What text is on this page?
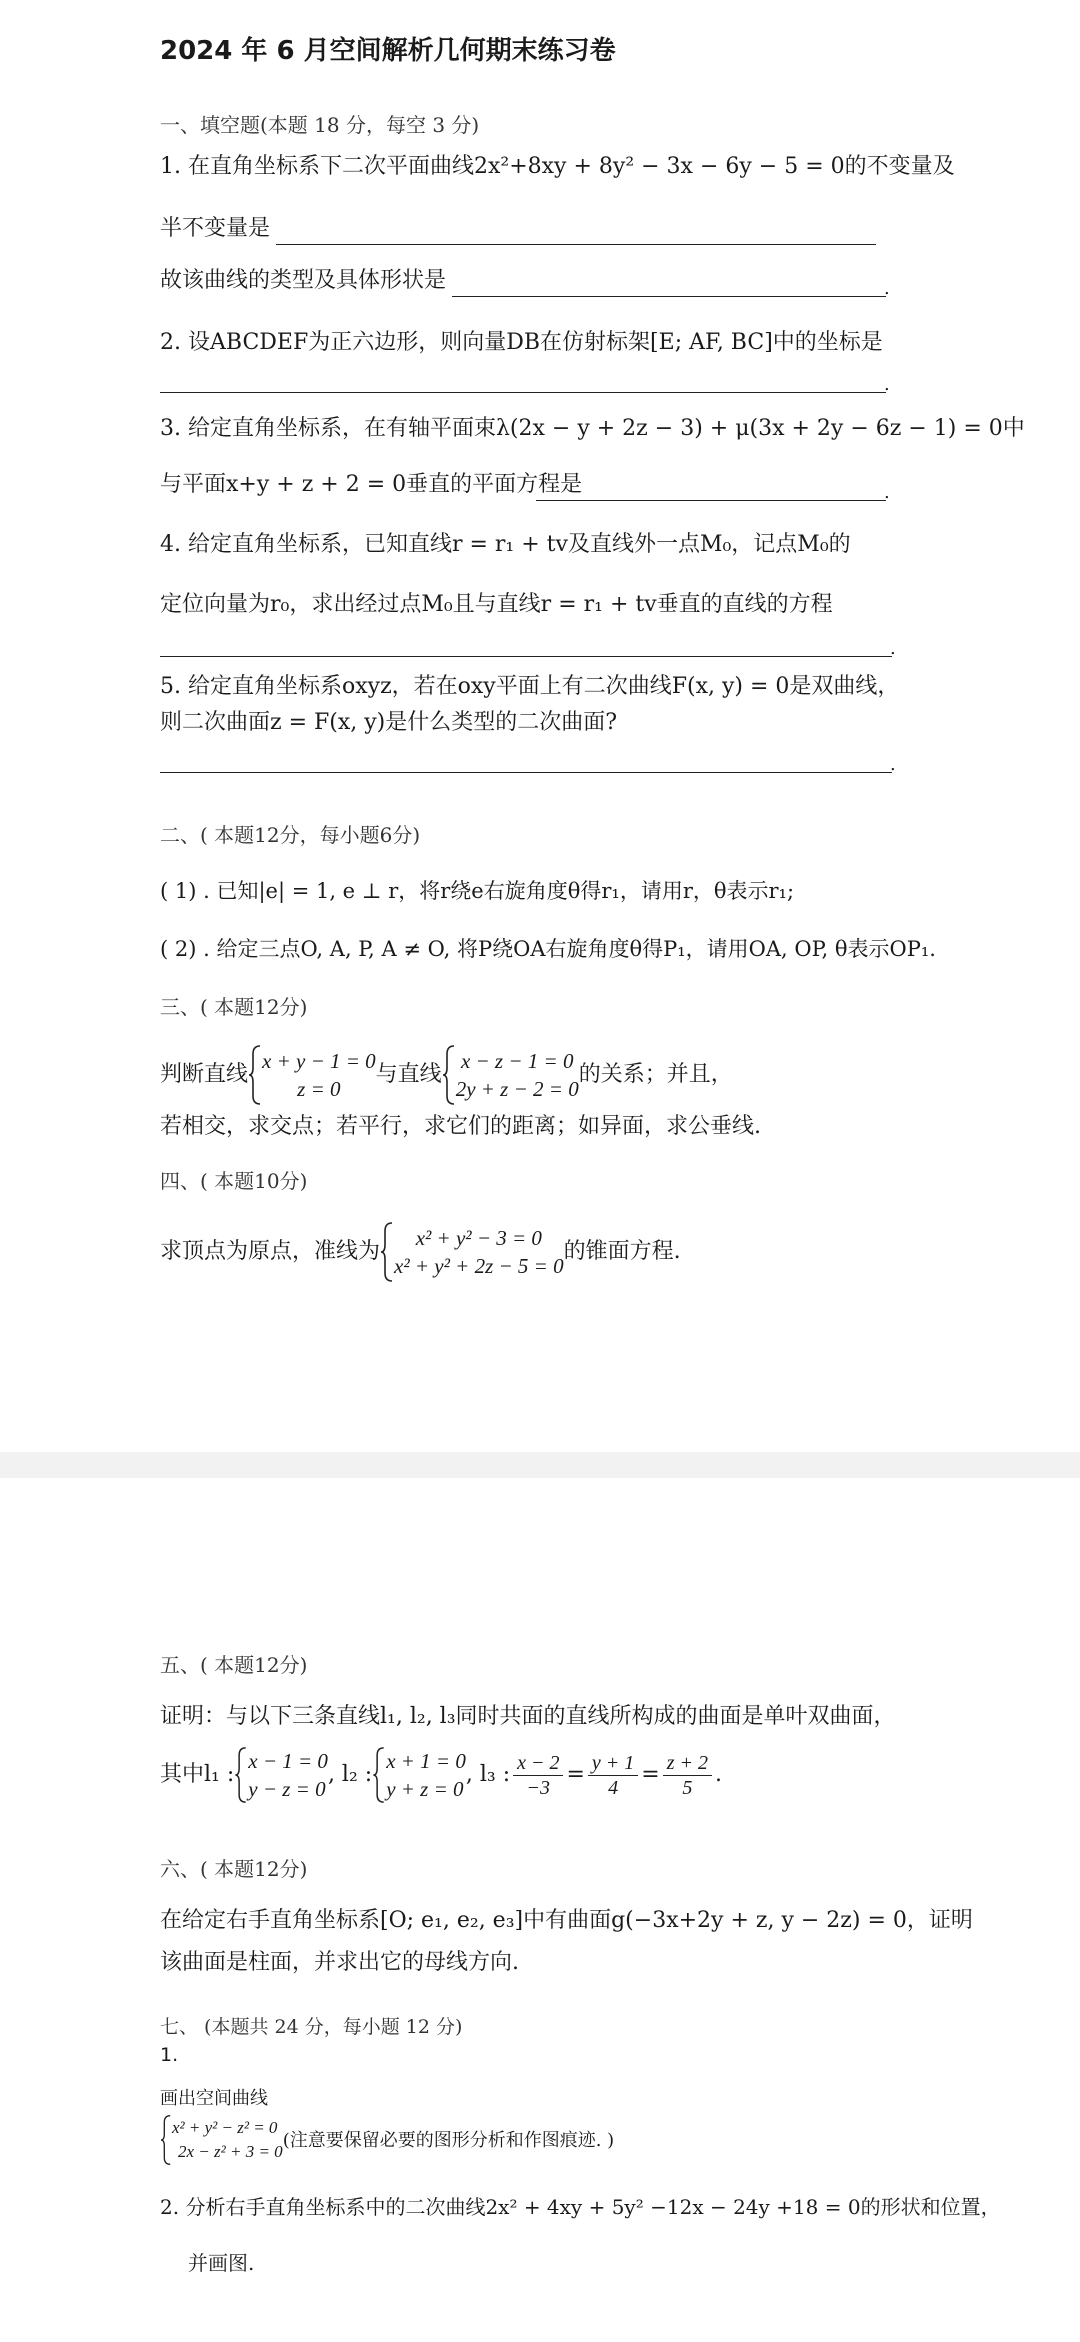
2024 年 6 月空间解析几何期末练习卷
一、填空题(本题 18 分，每空 3 分)
1. 在直角坐标系下二次平面曲线2x²+8xy + 8y² − 3x − 6y − 5 = 0的不变量及
半不变量是
故该曲线的类型及具体形状是	.
2. 设ABCDEF为正六边形，则向量DB在仿射标架[E; AF, BC]中的坐标是
.
3. 给定直角坐标系，在有轴平面束λ(2x − y + 2z − 3) + μ(3x + 2y − 6z − 1) = 0中
与平面x+y + z + 2 = 0垂直的平面方程是	.
4. 给定直角坐标系，已知直线r = r₁ + tv及直线外一点M₀，记点M₀的
定位向量为r₀，求出经过点M₀且与直线r = r₁ + tv垂直的直线的方程
.
5. 给定直角坐标系oxyz，若在oxy平面上有二次曲线F(x, y) = 0是双曲线，
则二次曲面z = F(x, y)是什么类型的二次曲面?
.
二、( 本题12分，每小题6分)
( 1) . 已知|e| = 1, e ⊥ r，将r绕e右旋角度θ得r₁，请用r，θ表示r₁;
( 2) . 给定三点O, A, P, A ≠ O, 将P绕OA右旋角度θ得P₁，请用OA, OP, θ表示OP₁.
三、( 本题12分)
判断直线
x + y − 1 = 0
z = 0
与直线
x − z − 1 = 0
2y + z − 2 = 0
的关系；并且，
若相交，求交点；若平行，求它们的距离；如异面，求公垂线.
四、( 本题10分)
求顶点为原点，准线为
x² + y² − 3 = 0
x² + y² + 2z − 5 = 0
的锥面方程.
五、( 本题12分)
证明：与以下三条直线l₁, l₂, l₃同时共面的直线所构成的曲面是单叶双曲面，
其中l₁ :
x − 1 = 0
y − z = 0
, l₂ :
x + 1 = 0
y + z = 0
, l₃ : $\frac{x - 2}{-3} = \frac{y + 1}{4} = \frac{z + 2}{5}$ .
六、( 本题12分)
在给定右手直角坐标系[O; e₁, e₂, e₃]中有曲面g(−3x+2y + z, y − 2z) = 0，证明
该曲面是柱面，并求出它的母线方向.
七、 (本题共 24 分，每小题 12 分)
1.
画出空间曲线
x² + y² − z² = 0
2x − z² + 3 = 0
(注意要保留必要的图形分析和作图痕迹. )
2. 分析右手直角坐标系中的二次曲线2x² + 4xy + 5y² −12x − 24y +18 = 0的形状和位置，
并画图.
